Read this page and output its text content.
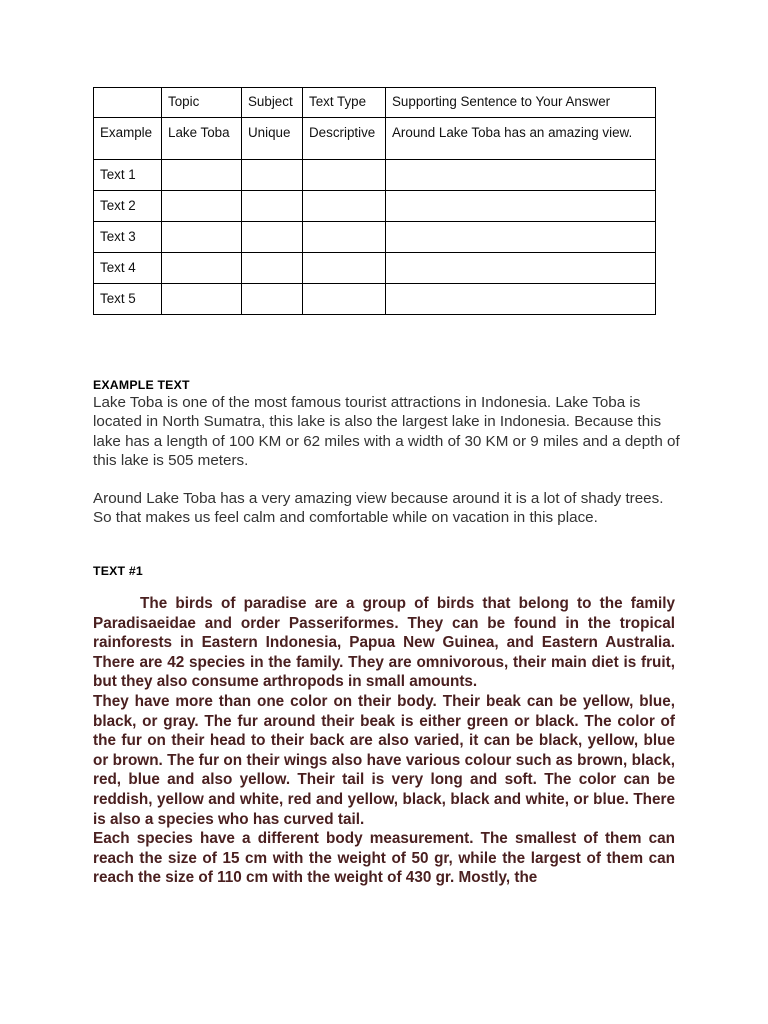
	Topic	Subject	Text Type	Supporting Sentence to Your Answer
Example	Lake Toba	Unique	Descriptive	Around Lake Toba has an amazing view.
Text 1				
Text 2				
Text 3				
Text 4				
Text 5				
EXAMPLE TEXT

Lake Toba is one of the most famous tourist attractions in Indonesia. Lake Toba is located in North Sumatra, this lake is also the largest lake in Indonesia. Because this lake has a length of 100 KM or 62 miles with a width of 30 KM or 9 miles and a depth of this lake is 505 meters.

Around Lake Toba has a very amazing view because around it is a lot of shady trees. So that makes us feel calm and comfortable while on vacation in this place.

TEXT #1

The birds of paradise are a group of birds that belong to the family Paradisaeidae and order Passeriformes. They can be found in the tropical rainforests in Eastern Indonesia, Papua New Guinea, and Eastern Australia. There are 42 species in the family. They are omnivorous, their main diet is fruit, but they also consume arthropods in small amounts.

They have more than one color on their body. Their beak can be yellow, blue, black, or gray. The fur around their beak is either green or black. The color of the fur on their head to their back are also varied, it can be black, yellow, blue or brown. The fur on their wings also have various colour such as brown, black, red, blue and also yellow. Their tail is very long and soft. The color can be reddish, yellow and white, red and yellow, black, black and white, or blue. There is also a species who has curved tail.

Each species have a different body measurement. The smallest of them can reach the size of 15 cm with the weight of 50 gr, while the largest of them can reach the size of 110 cm with the weight of 430 gr. Mostly, the
